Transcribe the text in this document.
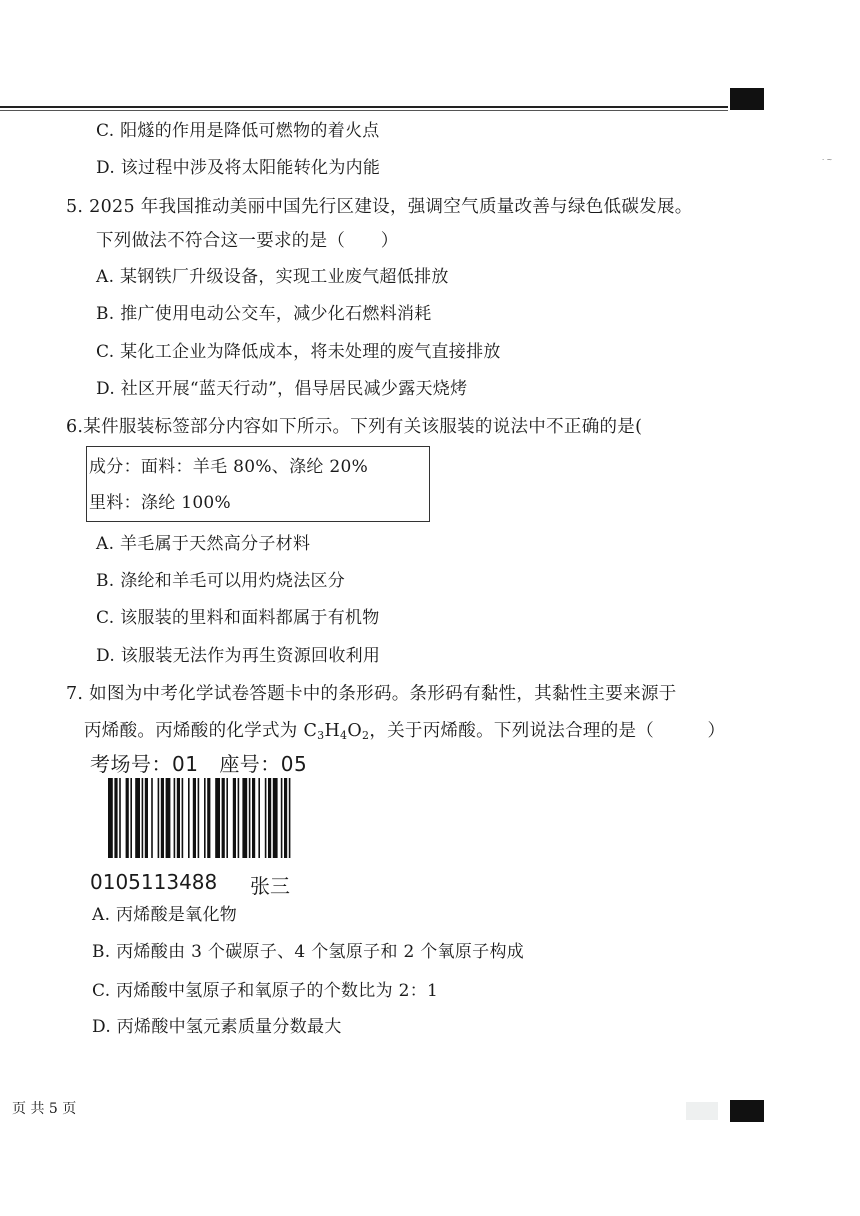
· ~
C. 阳燧的作用是降低可燃物的着火点
D. 该过程中涉及将太阳能转化为内能
5. 2025 年我国推动美丽中国先行区建设，强调空气质量改善与绿色低碳发展。
下列做法不符合这一要求的是（　　）
A. 某钢铁厂升级设备，实现工业废气超低排放
B. 推广使用电动公交车，减少化石燃料消耗
C. 某化工企业为降低成本，将未处理的废气直接排放
D. 社区开展“蓝天行动”，倡导居民减少露天烧烤
6.某件服装标签部分内容如下所示。下列有关该服装的说法中不正确的是(
成分：面料：羊毛 80%、涤纶 20%
里料：涤纶 100%
A. 羊毛属于天然高分子材料
B. 涤纶和羊毛可以用灼烧法区分
C. 该服装的里料和面料都属于有机物
D. 该服装无法作为再生资源回收利用
7. 如图为中考化学试卷答题卡中的条形码。条形码有黏性，其黏性主要来源于
丙烯酸。丙烯酸的化学式为 $C_3H_4O_2$，关于丙烯酸。下列说法合理的是（　　　）
考场号：01 座号：05
0105113488 张三
A. 丙烯酸是氧化物
B. 丙烯酸由 3 个碳原子、4 个氢原子和 2 个氧原子构成
C. 丙烯酸中氢原子和氧原子的个数比为 2：1
D. 丙烯酸中氢元素质量分数最大
页 共 5 页
